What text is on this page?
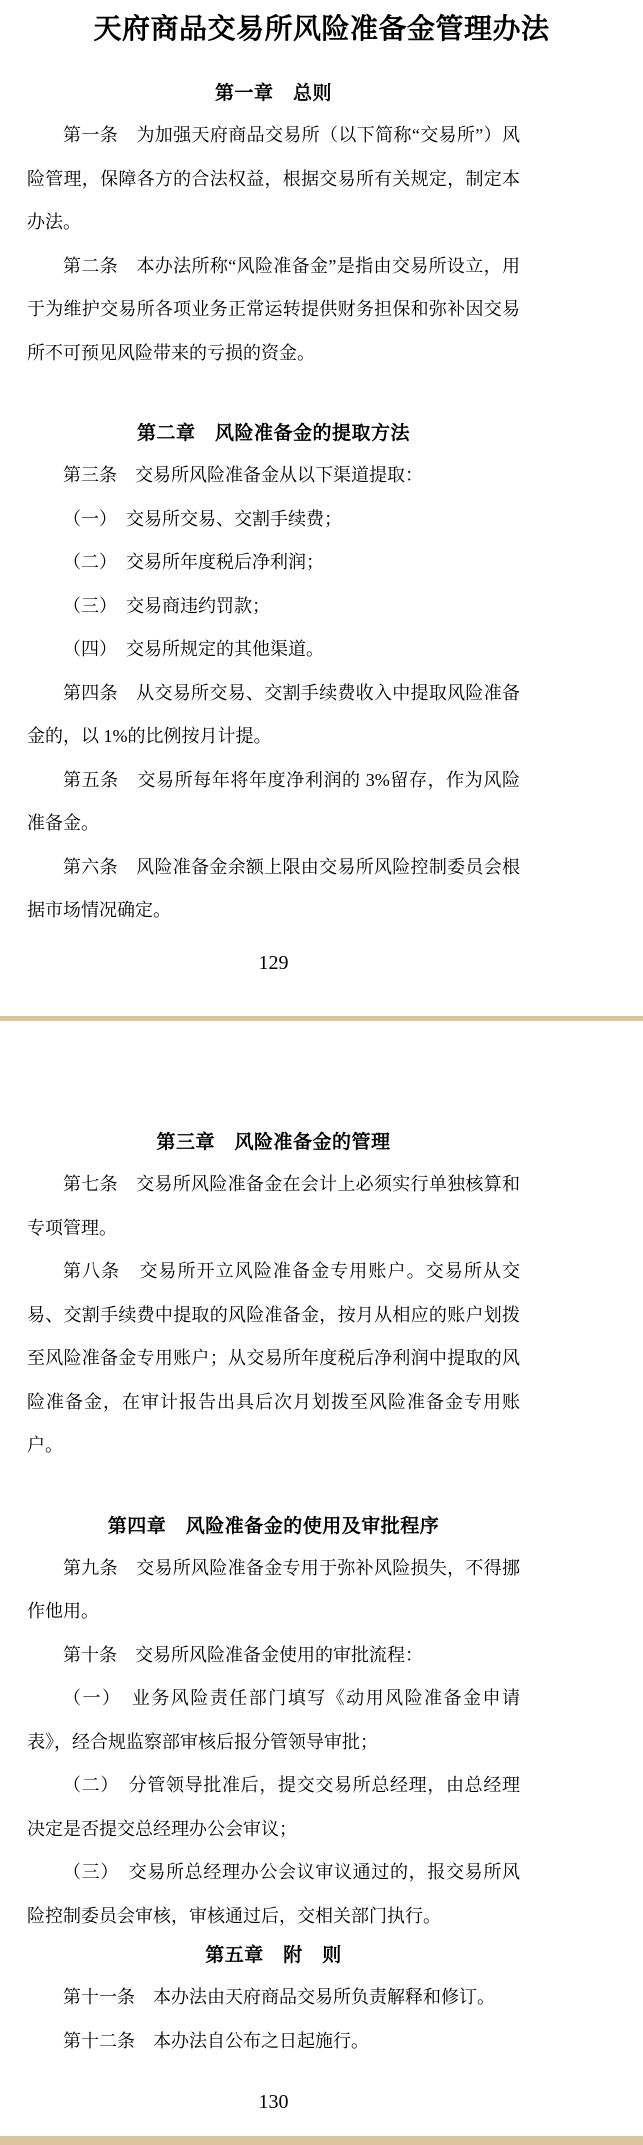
天府商品交易所风险准备金管理办法
第一章　总则

第一条　为加强天府商品交易所（以下简称“交易所”）风险管理，保障各方的合法权益，根据交易所有关规定，制定本办法。

第二条　本办法所称“风险准备金”是指由交易所设立，用于为维护交易所各项业务正常运转提供财务担保和弥补因交易所不可预见风险带来的亏损的资金。

第二章　风险准备金的提取方法

第三条　交易所风险准备金从以下渠道提取：

（一）　交易所交易、交割手续费；

（二）　交易所年度税后净利润；

（三）　交易商违约罚款；

（四）　交易所规定的其他渠道。

第四条　从交易所交易、交割手续费收入中提取风险准备金的，以 1%的比例按月计提。

第五条　交易所每年将年度净利润的 3%留存，作为风险准备金。

第六条　风险准备金余额上限由交易所风险控制委员会根据市场情况确定。

129
第三章　风险准备金的管理

第七条　交易所风险准备金在会计上必须实行单独核算和专项管理。

第八条　交易所开立风险准备金专用账户。交易所从交易、交割手续费中提取的风险准备金，按月从相应的账户划拨至风险准备金专用账户；从交易所年度税后净利润中提取的风险准备金，在审计报告出具后次月划拨至风险准备金专用账户。

第四章　风险准备金的使用及审批程序

第九条　交易所风险准备金专用于弥补风险损失，不得挪作他用。

第十条　交易所风险准备金使用的审批流程：

（一）　业务风险责任部门填写《动用风险准备金申请表》，经合规监察部审核后报分管领导审批；

（二）　分管领导批准后，提交交易所总经理，由总经理决定是否提交总经理办公会审议；

（三）　交易所总经理办公会议审议通过的，报交易所风险控制委员会审核，审核通过后，交相关部门执行。

第五章　附　则

第十一条　本办法由天府商品交易所负责解释和修订。

第十二条　本办法自公布之日起施行。

130
